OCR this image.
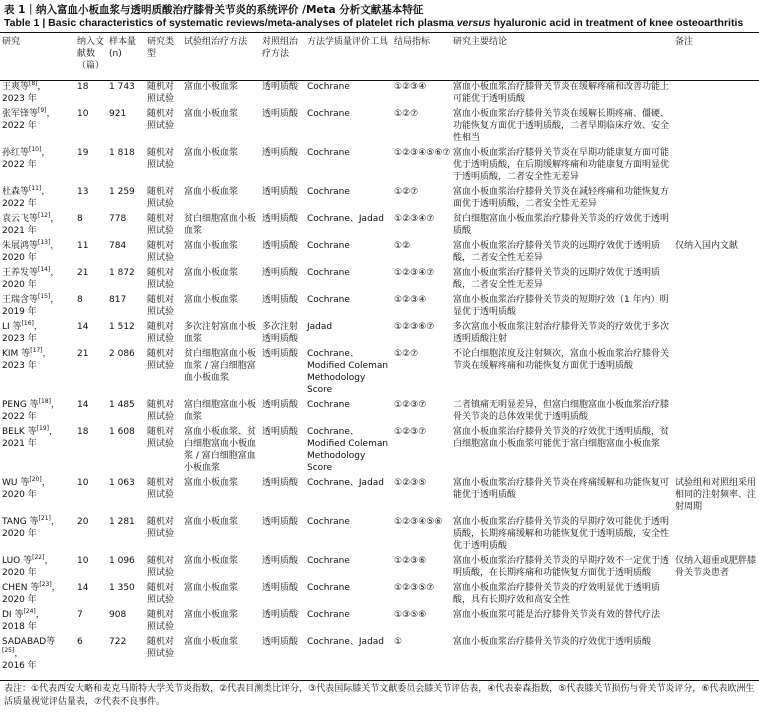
表 1｜纳入富血小板血浆与透明质酸治疗膝骨关节炎的系统评价 /Meta 分析文献基本特征
Table 1 | Basic characteristics of systematic reviews/meta-analyses of platelet rich plasma versus hyaluronic acid in treatment of knee osteoarthritis
研究	纳入文献数（篇）	样本量 (n)	研究类型	试验组治疗方法	对照组治疗方法	方法学质量评价工具	结局指标	研究主要结论	备注
王爽等[8]，
2023 年	18	1 743	随机对照试验	富血小板血浆	透明质酸	Cochrane	①②③④	富血小板血浆治疗膝骨关节炎在缓解疼痛和改善功能上可能优于透明质酸	
张军锋等[9]，
2022 年	10	921	随机对照试验	富血小板血浆	透明质酸	Cochrane	①②⑦	富血小板血浆治疗膝骨关节炎在缓解长期疼痛、僵硬、功能恢复方面优于透明质酸，二者早期临床疗效、安全性相当	
孙红等[10]，
2022 年	19	1 818	随机对照试验	富血小板血浆	透明质酸	Cochrane	①②③④⑤⑥⑦	富血小板血浆治疗膝骨关节炎在早期功能康复方面可能优于透明质酸，在后期缓解疼痛和功能康复方面明显优于透明质酸，二者安全性无差异	
杜森等[11]，
2022 年	13	1 259	随机对照试验	富血小板血浆	透明质酸	Cochrane	①②⑦	富血小板血浆治疗膝骨关节炎在减轻疼痛和功能恢复方面优于透明质酸，二者安全性无差异	
袁云飞等[12]，
2021 年	8	778	随机对照试验	贫白细胞富血小板血浆	透明质酸	Cochrane、Jadad	①②③④⑦	贫白细胞富血小板血浆治疗膝骨关节炎的疗效优于透明质酸	
朱展鸿等[13]，
2020 年	11	784	随机对照试验	富血小板血浆	透明质酸	Cochrane	①②	富血小板血浆治疗膝骨关节炎的远期疗效优于透明质酸，二者安全性无差异	仅纳入国内文献
王养发等[14]，
2020 年	21	1 872	随机对照试验	富血小板血浆	透明质酸	Cochrane	①②③④⑦	富血小板血浆治疗膝骨关节炎的远期疗效优于透明质酸，二者安全性无差异	
王瑞含等[15]，
2019 年	8	817	随机对照试验	富血小板血浆	透明质酸	Cochrane	①②③④	富血小板血浆治疗膝骨关节炎的短期疗效（1 年内）明显优于透明质酸	
LI 等[16]，
2023 年	14	1 512	随机对照试验	多次注射富血小板血浆	多次注射透明质酸	Jadad	①②③⑥⑦	多次富血小板血浆注射治疗膝骨关节炎的疗效优于多次透明质酸注射	
KIM 等[17]，
2023 年	21	2 086	随机对照试验	贫白细胞富血小板血浆 / 富白细胞富血小板血浆	透明质酸	Cochrane、Modified Coleman Methodology Score	①②⑦	不论白细胞浓度及注射频次，富血小板血浆治疗膝骨关节炎在缓解疼痛和功能恢复方面优于透明质酸	
PENG 等[18]，
2022 年	14	1 485	随机对照试验	富白细胞富血小板血浆	透明质酸	Cochrane	①②③⑦	二者镇痛无明显差异，但富白细胞富血小板血浆治疗膝骨关节炎的总体效果优于透明质酸	
BELK 等[19]，
2021 年	18	1 608	随机对照试验	富血小板血浆、贫白细胞富血小板血浆 / 富白细胞富血小板血浆	透明质酸	Cochrane、Modified Coleman Methodology Score	①②③⑦	富血小板血浆治疗膝骨关节炎的疗效优于透明质酸，贫白细胞富血小板血浆可能优于富白细胞富血小板血浆	
WU 等[20]，
2020 年	10	1 063	随机对照试验	富血小板血浆	透明质酸	Cochrane、Jadad	①②③⑤	富血小板血浆治疗膝骨关节炎在疼痛缓解和功能恢复可能优于透明质酸	试验组和对照组采用相同的注射频率、注射周期
TANG 等[21]，
2020 年	20	1 281	随机对照试验	富血小板血浆	透明质酸	Cochrane	①②③④⑤⑥	富血小板血浆治疗膝骨关节炎的早期疗效可能优于透明质酸，长期疼痛缓解和功能恢复优于透明质酸，安全性优于透明质酸	
LUO 等[22]，
2020 年	10	1 096	随机对照试验	富血小板血浆	透明质酸	Cochrane	①②③⑥	富血小板血浆治疗膝骨关节炎的早期疗效不一定优于透明质酸，在长期疼痛和功能恢复方面优于透明质酸	仅纳入超重或肥胖膝骨关节炎患者
CHEN 等[23]，
2020 年	14	1 350	随机对照试验	富血小板血浆	透明质酸	Cochrane	①②③⑤⑦	富血小板血浆治疗膝骨关节炎的疗效明显优于透明质酸，具有长期疗效和高安全性	
DI 等[24]，
2018 年	7	908	随机对照试验	富血小板血浆	透明质酸	Cochrane	①③⑤⑥	富血小板血浆可能是治疗膝骨关节炎有效的替代疗法	
SADABAD等[25]，
2016 年	6	722	随机对照试验	富血小板血浆	透明质酸	Cochrane、Jadad	①	富血小板血浆治疗膝骨关节炎的疗效优于透明质酸	
表注：①代表西安大略和麦克马斯特大学关节炎指数，②代表目测类比评分，③代表国际膝关节文献委员会膝关节评估表，④代表泰森指数，⑤代表膝关节损伤与骨关节炎评分，⑥代表欧洲生活质量视觉评估量表，⑦代表不良事件。
